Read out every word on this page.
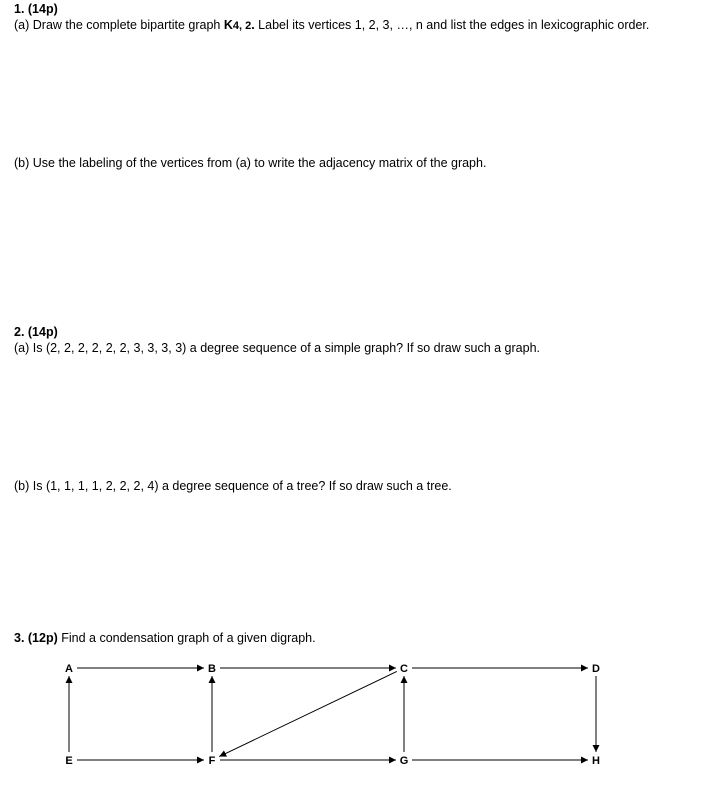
1. (14p)
(a) Draw the complete bipartite graph K4, 2. Label its vertices 1, 2, 3, …, n and list the edges in lexicographic order.
(b) Use the labeling of the vertices from (a) to write the adjacency matrix of the graph.
2. (14p)
(a) Is (2, 2, 2, 2, 2, 2, 3, 3, 3, 3) a degree sequence of a simple graph? If so draw such a graph.
(b) Is (1, 1, 1, 1, 2, 2, 2, 4) a degree sequence of a tree? If so draw such a tree.
3. (12p) Find a condensation graph of a given digraph.
A	B	C	D
E	F	G	H
